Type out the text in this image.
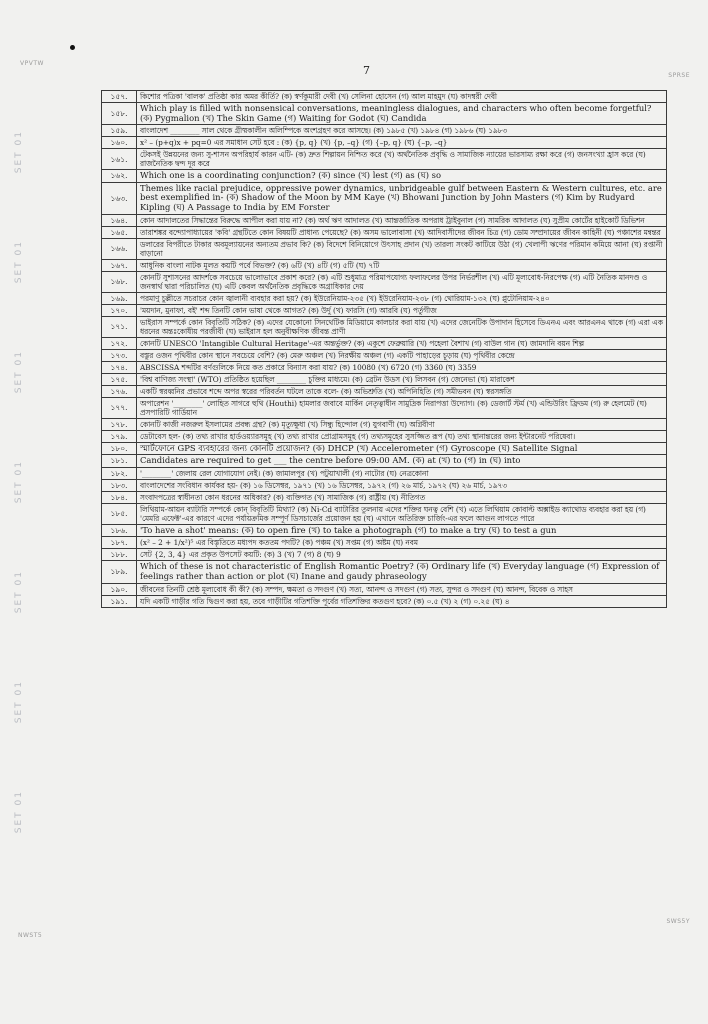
VPVTW
SPRSE
NWST5
SWS5Y
7
SET 01
SET 01
SET 01
SET 01
SET 01
SET 01
SET 01
১৫৭.	কিশোর পত্রিকা 'বালক' প্রতিষ্ঠা কার অমর কীর্তি? (ক) স্বর্ণকুমারী দেবী (খ) সেলিনা হোসেন (গ) আল মাহমুদ (ঘ) কাদম্বরী দেবী
১৫৮.	Which play is filled with nonsensical conversations, meaningless dialogues, and characters who often become forgetful? (ক) Pygmalion (খ) The Skin Game (গ) Waiting for Godot (ঘ) Candida
১৫৯.	বাংলাদেশ ________ সাল থেকে গ্রীষ্মকালীন অলিম্পিকে অংশগ্রহণ করে আসছে। (ক) ১৯৮৫ (খ) ১৯৮৪ (গ) ১৯৮৬ (ঘ) ১৯৮৩
১৬০.	x² – (p+q)x + pq=0 এর সমাধান সেট হবে : (ক) {p, q} (খ) {p, –q} (গ) {–p, q} (ঘ) {–p, –q}
১৬১.	টেকসই উন্নয়নের জন্য সু-শাসন অপরিহার্য কারন এটি- (ক) দ্রুত শিল্পায়ন নিশ্চিত করে (খ) অর্থনৈতিক প্রবৃদ্ধি ও সামাজিক ন্যায়ের ভারসাম্য রক্ষা করে (গ) জনসংখ্যা হ্রাস করে (ঘ) রাজনৈতিক দ্বন্দ দূর করে
১৬২.	Which one is a coordinating conjunction? (ক) since (খ) lest (গ) as (ঘ) so
১৬৩.	Themes like racial prejudice, oppressive power dynamics, unbridgeable gulf between Eastern & Western cultures, etc. are best exemplified in- (ক) Shadow of the Moon by MM Kaye (খ) Bhowani Junction by John Masters (গ) Kim by Rudyard Kipling (ঘ) A Passage to India by EM Forster
১৬৪.	কোন আদালতের সিদ্ধান্তের বিরুদ্ধে আপীল করা যায় না? (ক) অর্থ ঋণ আদালত (খ) আন্তর্জাতিক অপরাধ ট্রাইবুনাল (গ) সামরিক আদালত (ঘ) সুপ্রীম কোর্টের হাইকোর্ট ডিভিশন
১৬৫.	তারাশঙ্কর বন্দ্যোপাধ্যায়ের 'কবি' গ্রন্থটিতে কোন বিষয়টি প্রাধান্য পেয়েছে? (ক) অসম ভালোবাসা (খ) আদিবাসীদের জীবন চিত্র (গ) ডোম সম্প্রদায়ের জীবন কাহিনী (ঘ) পঞ্চাশের মন্বন্তর
১৬৬.	ডলারের বিপরীতে টাকার অবমূল্যায়নের অন্যতম প্রভাব কি? (ক) বিদেশে বিনিয়োগে উৎসাহ প্রদান (খ) তারল্য সংকট কাটিয়ে উঠা (গ) খেলাপী ঋণের পরিমান কমিয়ে আনা (ঘ) রপ্তানী বাড়ানো
১৬৭.	আধুনিক বাংলা নাটক মূলত কয়টি পর্বে বিভক্ত? (ক) ৬টি (খ) ৪টি (গ) ৫টি (ঘ) ৭টি
১৬৮.	কোনটি সুশাসনের আদর্শকে সবচেয়ে ভালোভাবে প্রকাশ করে? (ক) এটি শুধুমাত্র পরিমাপযোগ্য ফলাফলের উপর নির্ভরশীল (খ) এটি মূল্যবোধ-নিরপেক্ষ (গ) এটি নৈতিক মানদণ্ড ও জনস্বার্থ দ্বারা পরিচালিত (ঘ) এটি কেবল অর্থনৈতিক প্রবৃদ্ধিকে অগ্রাধিকার দেয়
১৬৯.	পরমাণু চুল্লীতে সচরাচর কোন জ্বালানী ব্যবহার করা হয়? (ক) ইউরেনিয়াম-২৩৫ (খ) ইউরেনিয়াম-২৩৮ (গ) থোরিয়াম-১৩২ (ঘ) প্লুটোনিয়াম-২৪০
১৭০.	'ময়দান, মুনাফা, বই' শব্দ তিনটি কোন ভাষা থেকে আগত? (ক) উর্দু (খ) ফারসি (গ) আরবি (ঘ) পর্তুগীজ
১৭১.	ভাইরাস সম্পর্কে কোন বিবৃতিটি সঠিক? (ক) এদের যেকোনো সিনথেটিক মিডিয়ামে কালচার করা যায় (খ) এদের জেনেটিক উপাদান হিসেবে ডিএনএ এবং আরএনএ থাকে (গ) এরা এক ধরনের অন্তঃকোষীয় পরজীবী (ঘ) ভাইরাস হল অনুবীক্ষণিক জীবন্ত প্রাণী
১৭২.	কোনটি UNESCO 'Intangible Cultural Heritage'-এর অন্তর্ভুক্ত? (ক) একুশে ফেব্রুয়ারি (খ) পহেলা বৈশাখ (গ) বাউল গান (ঘ) জামদানি বয়ন শিল্প
১৭৩.	বস্তুর ওজন পৃথিবীর কোন স্থানে সবচেয়ে বেশি? (ক) মেরু অঞ্চল (খ) নিরক্ষীয় অঞ্চল (গ) একটি পাহাড়ের চূড়ায় (ঘ) পৃথিবীর কেন্দ্রে
১৭৪.	ABSCISSA শব্দটির বর্ণগুলিকে নিয়ে কত প্রকারে বিন্যাস করা যায়? (ক) 10080 (খ) 6720 (গ) 3360 (ঘ) 3359
১৭৫.	'বিশ্ব বাণিজ্য সংস্থা' (WTO) প্রতিষ্ঠিত হয়েছিল ________ চুক্তির মাধ্যমে। (ক) ব্রেটন উডস (খ) লিসবন (গ) জেনেভা (ঘ) মারাকেশ
১৭৬.	একটি স্বরধ্বনির প্রভাবে শব্দে অপর স্বরের পরিবর্তন ঘটলে তাকে বলে- (ক) অভিশ্রুতি (খ) অপিনিহিতি (গ) সমীভবন (ঘ) স্বরসঙ্গতি
১৭৭.	অপারেশন '________' লোহিত সাগরে হুথি (Houthi) হামলার জবাবে মার্কিন নেতৃত্বাধীন সামুদ্রিক নিরাপত্তা উদ্যোগ। (ক) ডেজার্ট স্টর্ম (খ) এন্ডিউরিং ফ্রিডম (গ) রু হেলমেট (ঘ) প্রসপারিটি গার্ডিয়ান
১৭৮.	কোনটি কাজী নজরুল ইসলামের প্রবন্ধ গ্রন্থ? (ক) মৃত্যুক্ষুধা (খ) সিন্ধু হিন্দোল (গ) যুগবাণী (ঘ) অগ্নিবীণা
১৭৯.	ডেটাবেস হল- (ক) তথ্য রাখার হার্ডওয়্যারসমূহ (খ) তথ্য রাখার প্রোগ্রামসমূহ (গ) তথ্যসমূহের সুসজ্জিত রূপ (ঘ) তথ্য স্থানান্তরের জন্য ইন্টারনেট পরিষেবা।
১৮০.	স্মার্টফোনে GPS ব্যবহারের জন্য কোনটি প্রয়োজন? (ক) DHCP (খ) Accelerometer (গ) Gyroscope (ঘ) Satellite Signal
১৮১.	Candidates are required to get ___ the centre before 09:00 AM. (ক) at (খ) to (গ) in (ঘ) into
১৮২.	'________' জেলায় রেল যোগাযোগ নেই। (ক) জামালপুর (খ) পটুয়াখালী (গ) নাটোর (ঘ) নেত্রকোনা
১৮৩.	বাংলাদেশের সংবিধান কার্যকর হয়- (ক) ১৬ ডিসেম্বর, ১৯৭১ (খ) ১৬ ডিসেম্বর, ১৯৭২ (গ) ২৬ মার্চ, ১৯৭২ (ঘ) ২৬ মার্চ, ১৯৭৩
১৮৪.	সংবাদপত্রের স্বাধীনতা কোন ধরনের অধিকার? (ক) ব্যক্তিগত (খ) সামাজিক (গ) রাষ্ট্রীয় (ঘ) নীতিগত
১৮৫.	লিথিয়াম-আয়ন ব্যাটারি সম্পর্কে কোন্ বিবৃতিটি মিথ্যা? (ক) Ni-Cd ব্যাটারির তুলনায় এদের শক্তির ঘনত্ব বেশি (খ) এতে লিথিয়াম কোবাল্ট অক্সাইড ক্যাথোড ব্যবহার করা হয় (গ) 'মেমরি এফেক্ট'-এর কারণে এদের পর্যায়ক্রমিক সম্পূর্ণ ডিসচার্জের প্রয়োজন হয় (ঘ) এখানে অতিরিক্ত চার্জিং-এর ফলে আগুন লাগতে পারে
১৮৬.	'To have a shot' means: (ক) to open fire (খ) to take a photograph (গ) to make a try (ঘ) to test a gun
১৮৭.	(x² – 2 + 1/x²)⁵ এর বিস্তৃতিতে মধ্যপদ কততম পদটি? (ক) পঞ্চম (খ) সপ্তম (গ) অষ্টম (ঘ) নবম
১৮৮.	সেট {2, 3, 4} এর প্রকৃত উপসেট কয়টি: (ক) 3 (খ) 7 (গ) 8 (ঘ) 9
১৮৯.	Which of these is not characteristic of English Romantic Poetry? (ক) Ordinary life (খ) Everyday language (গ) Expression of feelings rather than action or plot (ঘ) Inane and gaudy phraseology
১৯০.	জীবনের তিনটি শ্রেষ্ঠ মূল্যবোধ কী কী? (ক) সম্পদ, ক্ষমতা ও সদগুণ (খ) সত্য, আনন্দ ও সদগুণ (গ) সত্য, সুন্দর ও সদগুণ (ঘ) আনন্দ, বিবেক ও সাহস
১৯১.	যদি একটি গাড়ীর গতি দ্বিগুণ করা হয়, তবে গাড়ীটির গতিশক্তি পূর্বের গতিশক্তির কতগুণ হবে? (ক) ০.৫ (খ) ২ (গ) ০.২৫ (ঘ) ৪
